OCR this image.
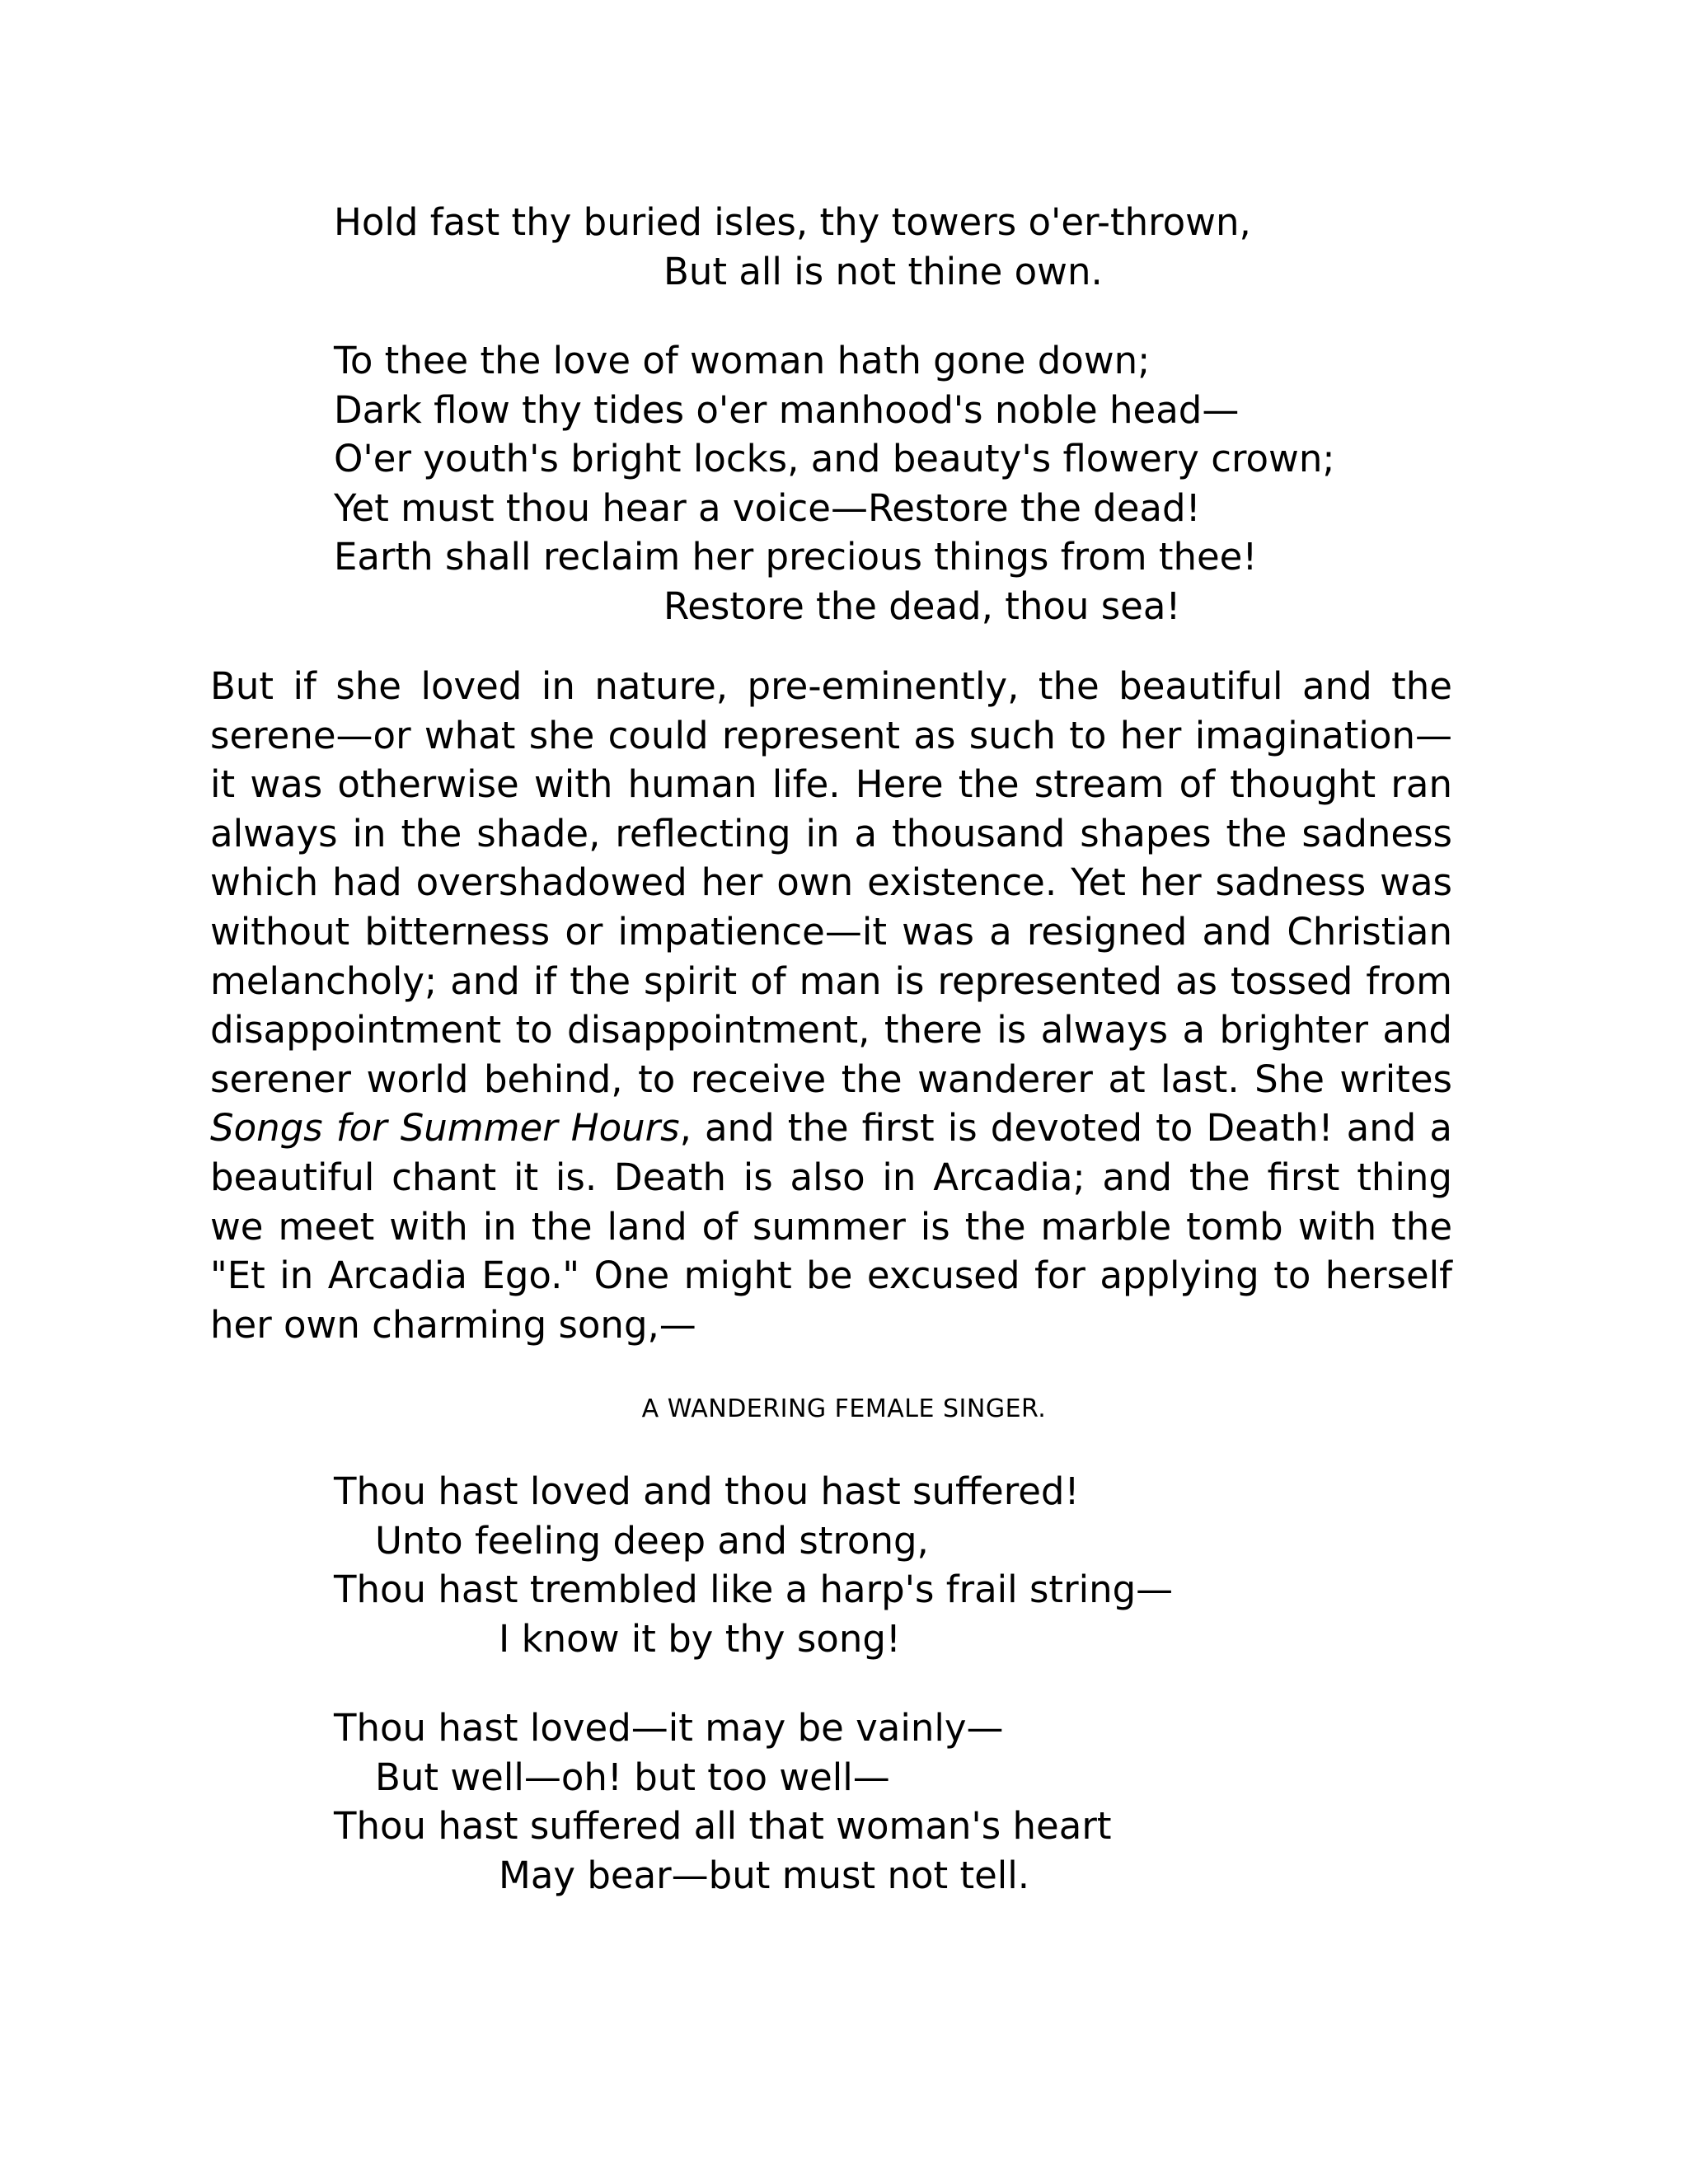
Hold fast thy buried isles, thy towers o'er-thrown,
But all is not thine own.
To thee the love of woman hath gone down;
Dark flow thy tides o'er manhood's noble head—
O'er youth's bright locks, and beauty's flowery crown;
Yet must thou hear a voice—Restore the dead!
Earth shall reclaim her precious things from thee!
Restore the dead, thou sea!

But if she loved in nature, pre-eminently, the beautiful and the serene—or what she could represent as such to her imagination—it was otherwise with human life. Here the stream of thought ran always in the shade, reflecting in a thousand shapes the sadness which had overshadowed her own existence. Yet her sadness was without bitterness or impatience—it was a resigned and Christian melancholy; and if the spirit of man is represented as tossed from disappointment to disappointment, there is always a brighter and serener world behind, to receive the wanderer at last. She writes Songs for Summer Hours, and the first is devoted to Death! and a beautiful chant it is. Death is also in Arcadia; and the first thing we meet with in the land of summer is the marble tomb with the "Et in Arcadia Ego." One might be excused for applying to herself her own charming song,—

A WANDERING FEMALE SINGER.
Thou hast loved and thou hast suffered!
Unto feeling deep and strong,
Thou hast trembled like a harp's frail string—
I know it by thy song!
Thou hast loved—it may be vainly—
But well—oh! but too well—
Thou hast suffered all that woman's heart
May bear—but must not tell.
